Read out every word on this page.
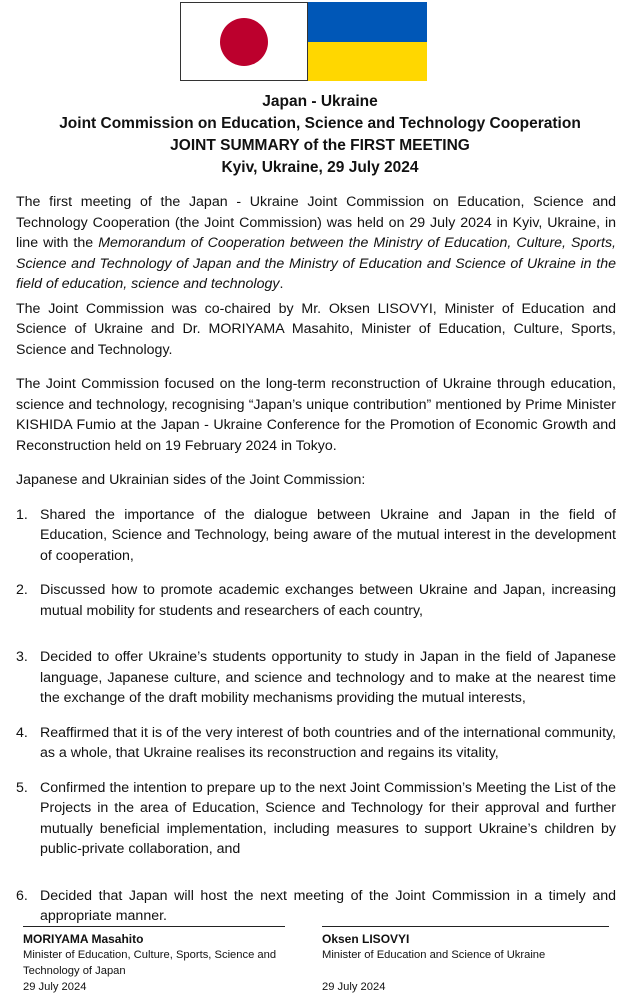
Japan - Ukraine
Joint Commission on Education, Science and Technology Cooperation
JOINT SUMMARY of the FIRST MEETING
Kyiv, Ukraine, 29 July 2024

The first meeting of the Japan - Ukraine Joint Commission on Education, Science and Technology Cooperation (the Joint Commission) was held on 29 July 2024 in Kyiv, Ukraine, in line with the Memorandum of Cooperation between the Ministry of Education, Culture, Sports, Science and Technology of Japan and the Ministry of Education and Science of Ukraine in the field of education, science and technology.

The Joint Commission was co-chaired by Mr. Oksen LISOVYI, Minister of Education and Science of Ukraine and Dr. MORIYAMA Masahito, Minister of Education, Culture, Sports, Science and Technology.

The Joint Commission focused on the long-term reconstruction of Ukraine through education, science and technology, recognising “Japan’s unique contribution” mentioned by Prime Minister KISHIDA Fumio at the Japan - Ukraine Conference for the Promotion of Economic Growth and Reconstruction held on 19 February 2024 in Tokyo.

Japanese and Ukrainian sides of the Joint Commission:

1. Shared the importance of the dialogue between Ukraine and Japan in the field of Education, Science and Technology, being aware of the mutual interest in the development of cooperation,
2. Discussed how to promote academic exchanges between Ukraine and Japan, increasing mutual mobility for students and researchers of each country,
3. Decided to offer Ukraine’s students opportunity to study in Japan in the field of Japanese language, Japanese culture, and science and technology and to make at the nearest time the exchange of the draft mobility mechanisms providing the mutual interests,
4. Reaffirmed that it is of the very interest of both countries and of the international community, as a whole, that Ukraine realises its reconstruction and regains its vitality,
5. Confirmed the intention to prepare up to the next Joint Commission’s Meeting the List of the Projects in the area of Education, Science and Technology for their approval and further mutually beneficial implementation, including measures to support Ukraine’s children by public-private collaboration, and
6. Decided that Japan will host the next meeting of the Joint Commission in a timely and appropriate manner.
MORIYAMA Masahito
Minister of Education, Culture, Sports, Science and Technology of Japan
29 July 2024
Oksen LISOVYI
Minister of Education and Science of Ukraine
29 July 2024
